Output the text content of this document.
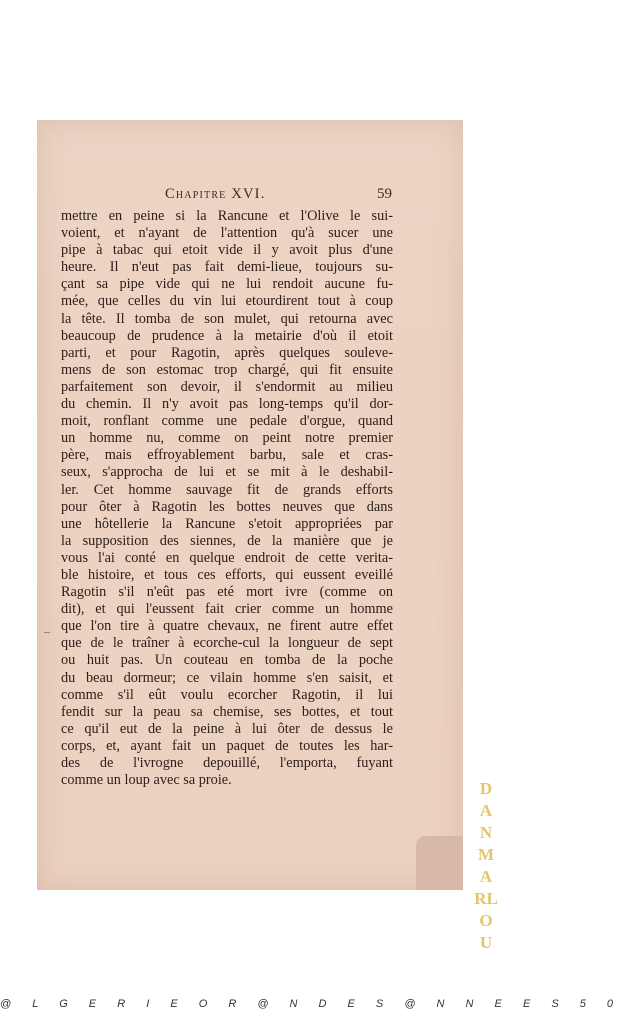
Chapitre XVI.	59
mettre en peine si la Rancune et l'Olive le sui-
voient, et n'ayant de l'attention qu'à sucer une
pipe à tabac qui etoit vide il y avoit plus d'une
heure. Il n'eut pas fait demi-lieue, toujours su-
çant sa pipe vide qui ne lui rendoit aucune fu-
mée, que celles du vin lui etourdirent tout à coup
la tête. Il tomba de son mulet, qui retourna avec
beaucoup de prudence à la metairie d'où il etoit
parti, et pour Ragotin, après quelques souleve-
mens de son estomac trop chargé, qui fit ensuite
parfaitement son devoir, il s'endormit au milieu
du chemin. Il n'y avoit pas long-temps qu'il dor-
moit, ronflant comme une pedale d'orgue, quand
un homme nu, comme on peint notre premier
père, mais effroyablement barbu, sale et cras-
seux, s'approcha de lui et se mit à le deshabil-
ler. Cet homme sauvage fit de grands efforts
pour ôter à Ragotin les bottes neuves que dans
une hôtellerie la Rancune s'etoit appropriées par
la supposition des siennes, de la manière que je
vous l'ai conté en quelque endroit de cette verita-
ble histoire, et tous ces efforts, qui eussent eveillé
Ragotin s'il n'eût pas eté mort ivre (comme on
dit), et qui l'eussent fait crier comme un homme
que l'on tire à quatre chevaux, ne firent autre effet
que de le traîner à ecorche-cul la longueur de sept
ou huit pas. Un couteau en tomba de la poche
du beau dormeur; ce vilain homme s'en saisit, et
comme s'il eût voulu ecorcher Ragotin, il lui
fendit sur la peau sa chemise, ses bottes, et tout
ce qu'il eut de la peine à lui ôter de dessus le
corps, et, ayant fait un paquet de toutes les har-
des de l'ivrogne depouillé, l'emporta, fuyant
comme un loup avec sa proie.	DANMARLOU
@ L G E R I E O R @ N D E S @ N N E E S 5 0
